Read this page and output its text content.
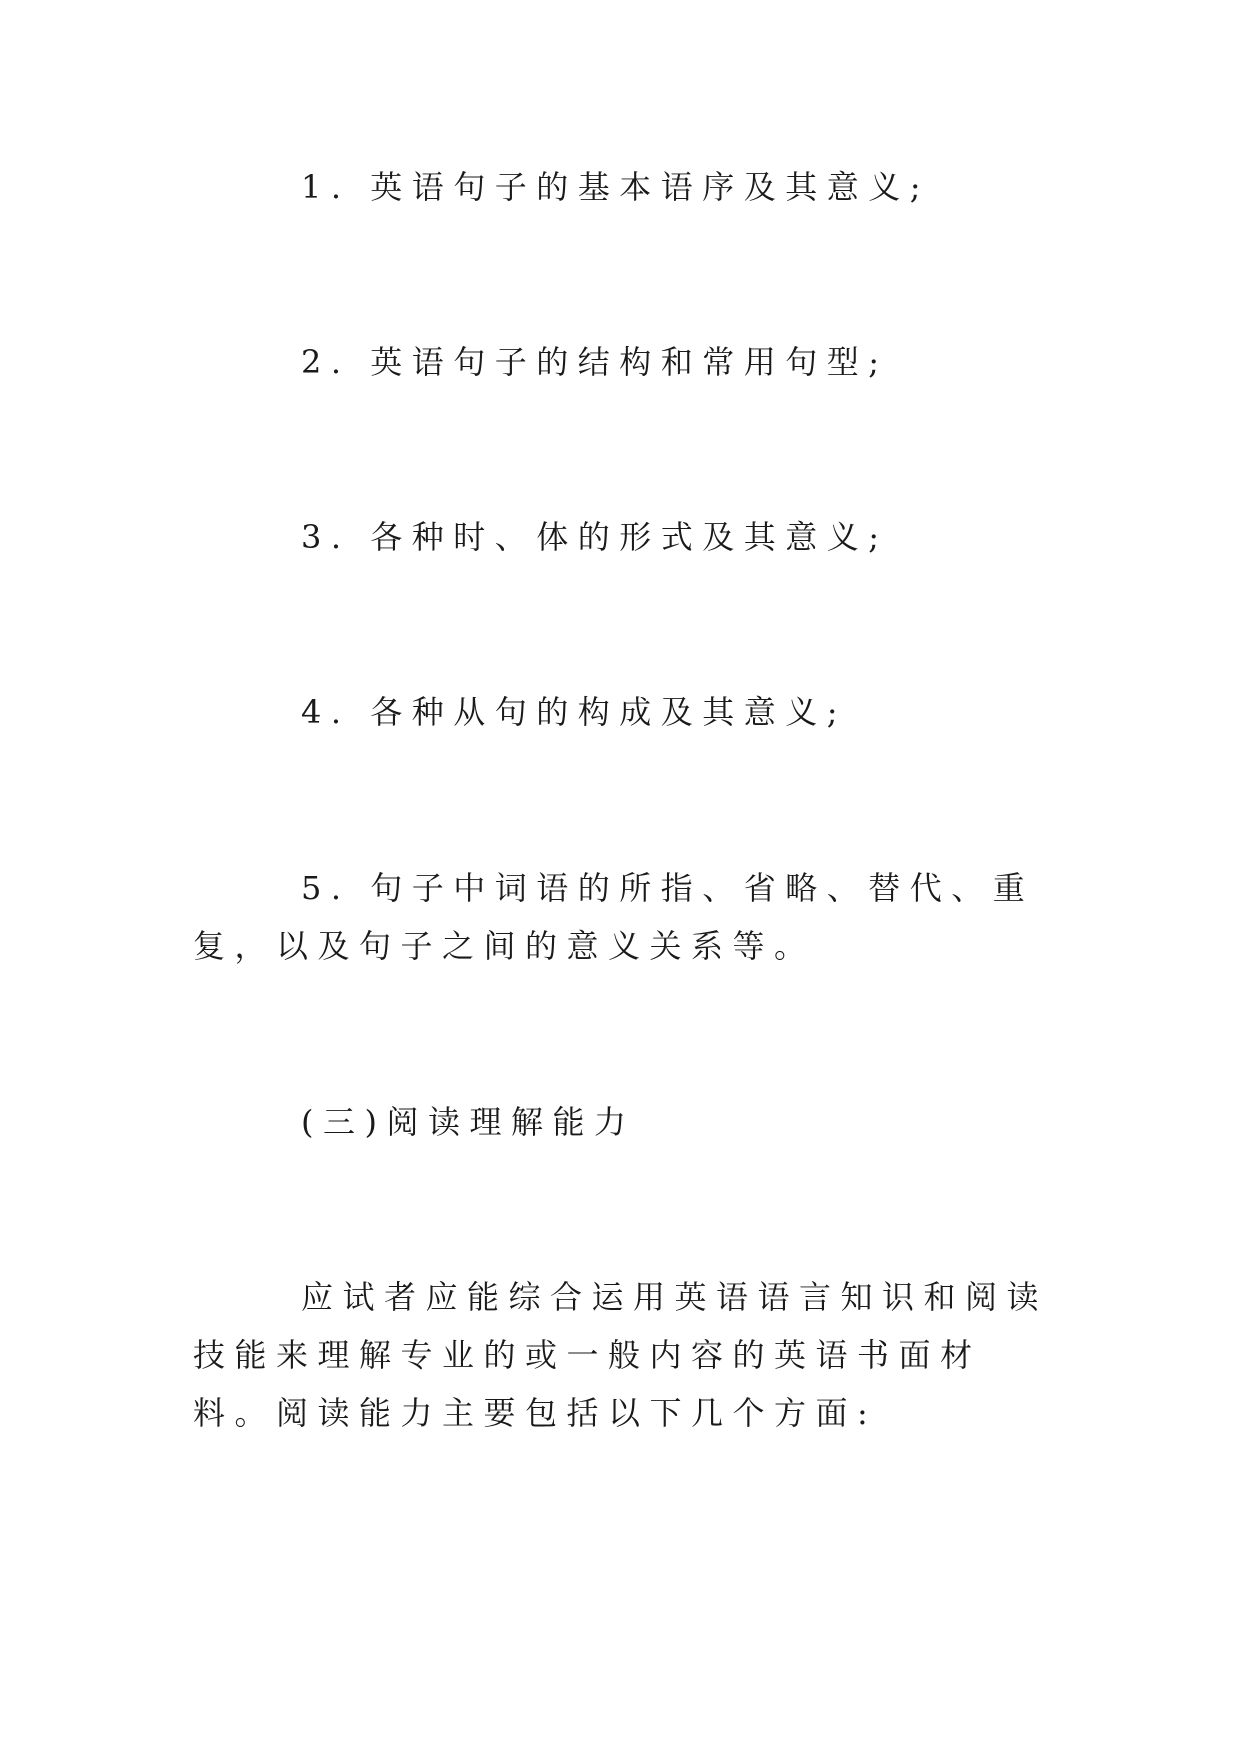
1. 英语句子的基本语序及其意义;

2. 英语句子的结构和常用句型;

3. 各种时、体的形式及其意义;

4. 各种从句的构成及其意义;

5. 句子中词语的所指、省略、替代、重复，以及句子之间的意义关系等。

(三)阅读理解能力

应试者应能综合运用英语语言知识和阅读技能来理解专业的或一般内容的英语书面材料。阅读能力主要包括以下几个方面:
